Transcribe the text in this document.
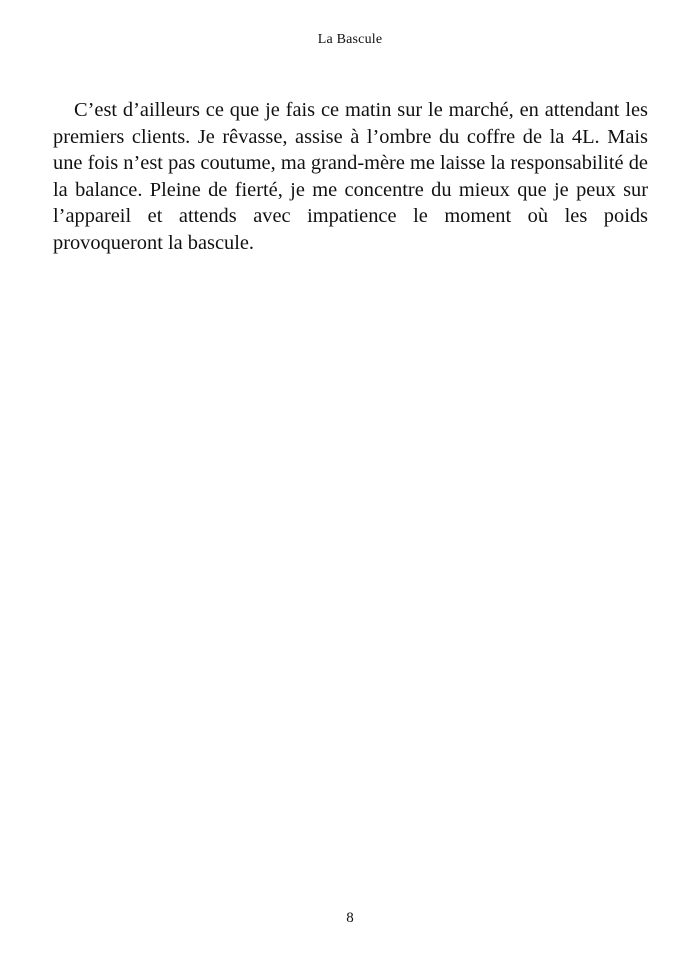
La Bascule

C’est d’ailleurs ce que je fais ce matin sur le marché, en attendant les premiers clients. Je rêvasse, assise à l’ombre du coffre de la 4L. Mais une fois n’est pas coutume, ma grand-mère me laisse la responsabilité de la balance. Pleine de fierté, je me concentre du mieux que je peux sur l’appareil et attends avec impatience le moment où les poids provoqueront la bascule.

8
